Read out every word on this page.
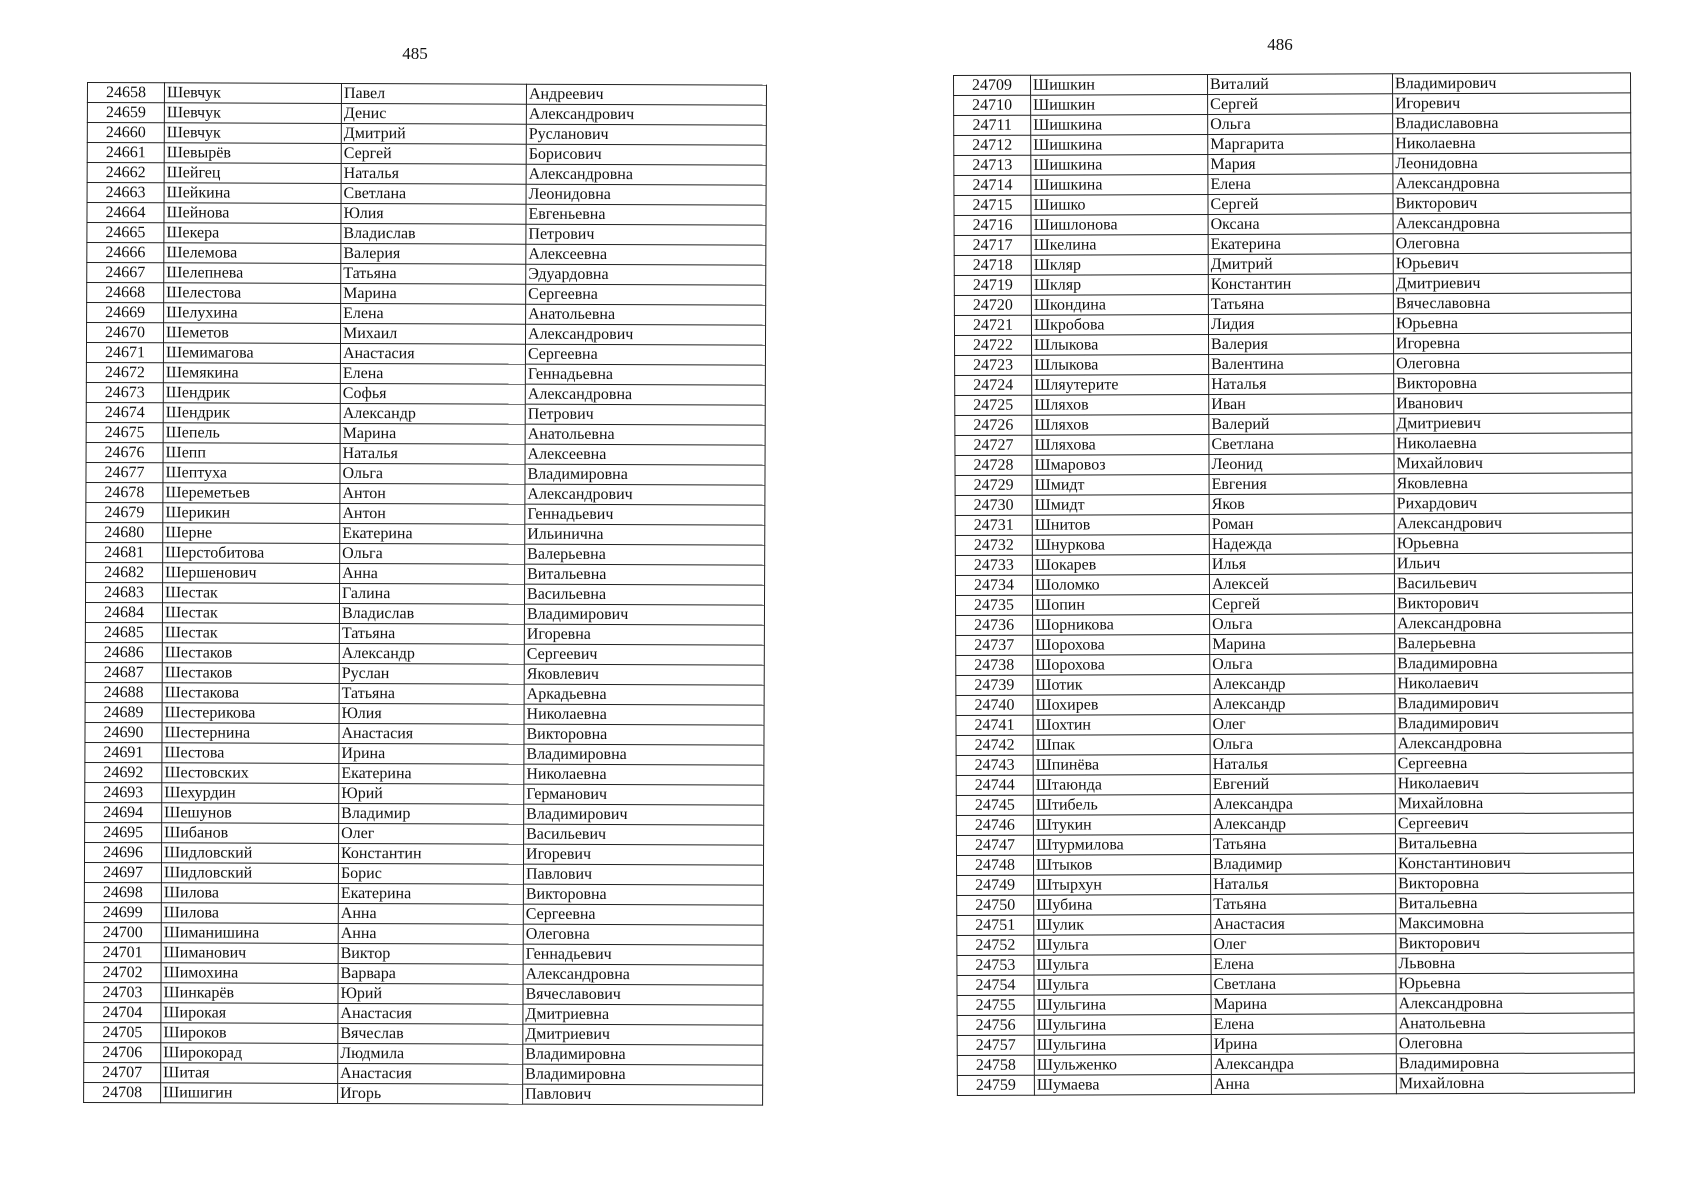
485
24658	Шевчук	Павел	Андреевич
24659	Шевчук	Денис	Александрович
24660	Шевчук	Дмитрий	Русланович
24661	Шевырёв	Сергей	Борисович
24662	Шейгец	Наталья	Александровна
24663	Шейкина	Светлана	Леонидовна
24664	Шейнова	Юлия	Евгеньевна
24665	Шекера	Владислав	Петрович
24666	Шелемова	Валерия	Алексеевна
24667	Шелепнева	Татьяна	Эдуардовна
24668	Шелестова	Марина	Сергеевна
24669	Шелухина	Елена	Анатольевна
24670	Шеметов	Михаил	Александрович
24671	Шемимагова	Анастасия	Сергеевна
24672	Шемякина	Елена	Геннадьевна
24673	Шендрик	Софья	Александровна
24674	Шендрик	Александр	Петрович
24675	Шепель	Марина	Анатольевна
24676	Шепп	Наталья	Алексеевна
24677	Шептуха	Ольга	Владимировна
24678	Шереметьев	Антон	Александрович
24679	Шерикин	Антон	Геннадьевич
24680	Шерне	Екатерина	Ильинична
24681	Шерстобитова	Ольга	Валерьевна
24682	Шершенович	Анна	Витальевна
24683	Шестак	Галина	Васильевна
24684	Шестак	Владислав	Владимирович
24685	Шестак	Татьяна	Игоревна
24686	Шестаков	Александр	Сергеевич
24687	Шестаков	Руслан	Яковлевич
24688	Шестакова	Татьяна	Аркадьевна
24689	Шестерикова	Юлия	Николаевна
24690	Шестернина	Анастасия	Викторовна
24691	Шестова	Ирина	Владимировна
24692	Шестовских	Екатерина	Николаевна
24693	Шехурдин	Юрий	Германович
24694	Шешунов	Владимир	Владимирович
24695	Шибанов	Олег	Васильевич
24696	Шидловский	Константин	Игоревич
24697	Шидловский	Борис	Павлович
24698	Шилова	Екатерина	Викторовна
24699	Шилова	Анна	Сергеевна
24700	Шиманишина	Анна	Олеговна
24701	Шиманович	Виктор	Геннадьевич
24702	Шимохина	Варвара	Александровна
24703	Шинкарёв	Юрий	Вячеславович
24704	Широкая	Анастасия	Дмитриевна
24705	Широков	Вячеслав	Дмитриевич
24706	Широкорад	Людмила	Владимировна
24707	Шитая	Анастасия	Владимировна
24708	Шишигин	Игорь	Павлович
486
24709	Шишкин	Виталий	Владимирович
24710	Шишкин	Сергей	Игоревич
24711	Шишкина	Ольга	Владиславовна
24712	Шишкина	Маргарита	Николаевна
24713	Шишкина	Мария	Леонидовна
24714	Шишкина	Елена	Александровна
24715	Шишко	Сергей	Викторович
24716	Шишлонова	Оксана	Александровна
24717	Шкелина	Екатерина	Олеговна
24718	Шкляр	Дмитрий	Юрьевич
24719	Шкляр	Константин	Дмитриевич
24720	Шкондина	Татьяна	Вячеславовна
24721	Шкробова	Лидия	Юрьевна
24722	Шлыкова	Валерия	Игоревна
24723	Шлыкова	Валентина	Олеговна
24724	Шляутерите	Наталья	Викторовна
24725	Шляхов	Иван	Иванович
24726	Шляхов	Валерий	Дмитриевич
24727	Шляхова	Светлана	Николаевна
24728	Шмаровоз	Леонид	Михайлович
24729	Шмидт	Евгения	Яковлевна
24730	Шмидт	Яков	Рихардович
24731	Шнитов	Роман	Александрович
24732	Шнуркова	Надежда	Юрьевна
24733	Шокарев	Илья	Ильич
24734	Шоломко	Алексей	Васильевич
24735	Шопин	Сергей	Викторович
24736	Шорникова	Ольга	Александровна
24737	Шорохова	Марина	Валерьевна
24738	Шорохова	Ольга	Владимировна
24739	Шотик	Александр	Николаевич
24740	Шохирев	Александр	Владимирович
24741	Шохтин	Олег	Владимирович
24742	Шпак	Ольга	Александровна
24743	Шпинёва	Наталья	Сергеевна
24744	Штаюнда	Евгений	Николаевич
24745	Штибель	Александра	Михайловна
24746	Штукин	Александр	Сергеевич
24747	Штурмилова	Татьяна	Витальевна
24748	Штыков	Владимир	Константинович
24749	Штырхун	Наталья	Викторовна
24750	Шубина	Татьяна	Витальевна
24751	Шулик	Анастасия	Максимовна
24752	Шульга	Олег	Викторович
24753	Шульга	Елена	Львовна
24754	Шульга	Светлана	Юрьевна
24755	Шульгина	Марина	Александровна
24756	Шульгина	Елена	Анатольевна
24757	Шульгина	Ирина	Олеговна
24758	Шульженко	Александра	Владимировна
24759	Шумаева	Анна	Михайловна
